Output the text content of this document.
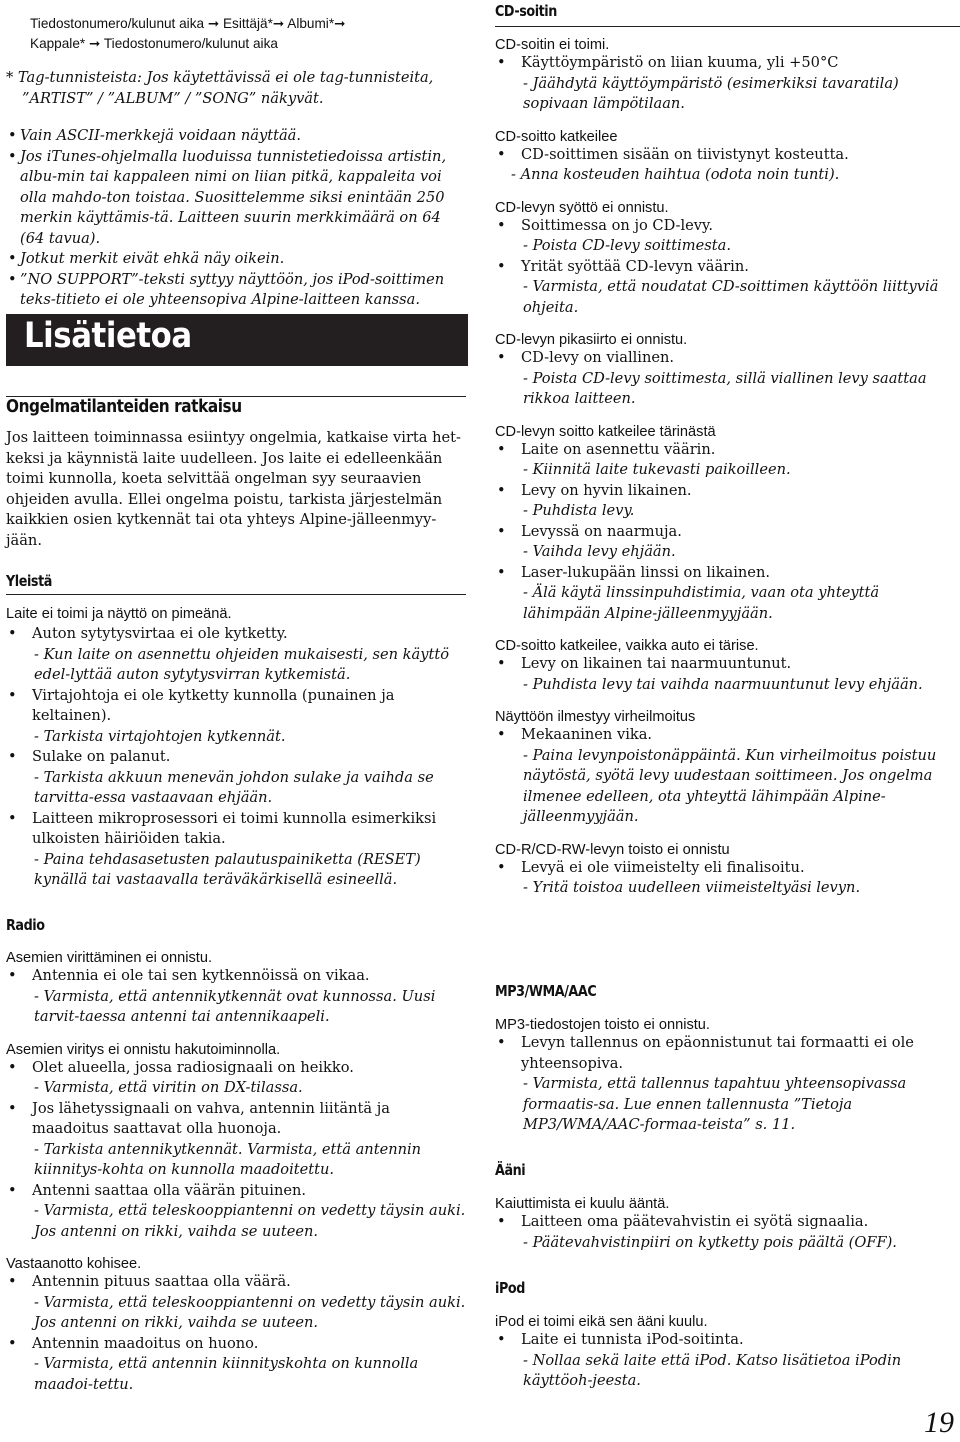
Tiedostonumero/kulunut aika ➞ Esittäjä*➞ Albumi*➞
Kappale* ➞ Tiedostonumero/kulunut aika
* Tag-tunnisteista: Jos käytettävissä ei ole tag-tunnisteita,
”ARTIST” / ”ALBUM” / ”SONG” näkyvät.
• Vain ASCII-merkkejä voidaan näyttää.
• Jos iTunes-ohjelmalla luoduissa tunnistetiedoissa artistin, albu-min tai kappaleen nimi on liian pitkä, kappaleita voi olla mahdo-ton toistaa. Suosittelemme siksi enintään 250 merkin käyttämis-tä. Laitteen suurin merkkimäärä on 64 (64 tavua).
• Jotkut merkit eivät ehkä näy oikein.
• ”NO SUPPORT”-teksti syttyy näyttöön, jos iPod-soittimen teks-titieto ei ole yhteensopiva Alpine-laitteen kanssa.
Lisätietoa
Ongelmatilanteiden ratkaisu
Jos laitteen toiminnassa esiintyy ongelmia, katkaise virta het-keksi ja käynnistä laite uudelleen. Jos laite ei edelleenkään toimi kunnolla, koeta selvittää ongelman syy seuraavien ohjeiden avulla. Ellei ongelma poistu, tarkista järjestelmän kaikkien osien kytkennät tai ota yhteys Alpine-jälleenmyy-jään.
Yleistä
Laite ei toimi ja näyttö on pimeänä.
• Auton sytytysvirtaa ei ole kytketty.
- Kun laite on asennettu ohjeiden mukaisesti, sen käyttö edel-lyttää auton sytytysvirran kytkemistä.
• Virtajohtoja ei ole kytketty kunnolla (punainen ja keltainen).
- Tarkista virtajohtojen kytkennät.
• Sulake on palanut.
- Tarkista akkuun menevän johdon sulake ja vaihda se tarvitta-essa vastaavaan ehjään.
• Laitteen mikroprosessori ei toimi kunnolla esimerkiksi ulkoisten häiriöiden takia.
- Paina tehdasasetusten palautuspainiketta (RESET) kynällä tai vastaavalla teräväkärkisellä esineellä.
Radio
Asemien virittäminen ei onnistu.
• Antennia ei ole tai sen kytkennöissä on vikaa.
- Varmista, että antennikytkennät ovat kunnossa. Uusi tarvit-taessa antenni tai antennikaapeli.
Asemien viritys ei onnistu hakutoiminnolla.
• Olet alueella, jossa radiosignaali on heikko.
- Varmista, että viritin on DX-tilassa.
• Jos lähetyssignaali on vahva, antennin liitäntä ja maadoitus saattavat olla huonoja.
- Tarkista antennikytkennät. Varmista, että antennin kiinnitys-kohta on kunnolla maadoitettu.
• Antenni saattaa olla väärän pituinen.
- Varmista, että teleskooppiantenni on vedetty täysin auki. Jos antenni on rikki, vaihda se uuteen.
Vastaanotto kohisee.
• Antennin pituus saattaa olla väärä.
- Varmista, että teleskooppiantenni on vedetty täysin auki. Jos antenni on rikki, vaihda se uuteen.
• Antennin maadoitus on huono.
- Varmista, että antennin kiinnityskohta on kunnolla maadoi-tettu.
CD-soitin
CD-soitin ei toimi.
• Käyttöympäristö on liian kuuma, yli +50°C
- Jäähdytä käyttöympäristö (esimerkiksi tavaratila) sopivaan lämpötilaan.
CD-soitto katkeilee
• CD-soittimen sisään on tiivistynyt kosteutta.
- Anna kosteuden haihtua (odota noin tunti).
CD-levyn syöttö ei onnistu.
• Soittimessa on jo CD-levy.
- Poista CD-levy soittimesta.
• Yrität syöttää CD-levyn väärin.
- Varmista, että noudatat CD-soittimen käyttöön liittyviä ohjeita.
CD-levyn pikasiirto ei onnistu.
• CD-levy on viallinen.
- Poista CD-levy soittimesta, sillä viallinen levy saattaa rikkoa laitteen.
CD-levyn soitto katkeilee tärinästä
• Laite on asennettu väärin.
- Kiinnitä laite tukevasti paikoilleen.
• Levy on hyvin likainen.
- Puhdista levy.
• Levyssä on naarmuja.
- Vaihda levy ehjään.
• Laser-lukupään linssi on likainen.
- Älä käytä linssinpuhdistimia, vaan ota yhteyttä lähimpään Alpine-jälleenmyyjään.
CD-soitto katkeilee, vaikka auto ei tärise.
• Levy on likainen tai naarmuuntunut.
- Puhdista levy tai vaihda naarmuuntunut levy ehjään.
Näyttöön ilmestyy virheilmoitus
• Mekaaninen vika.
- Paina levynpoistonäppäintä. Kun virheilmoitus poistuu näytöstä, syötä levy uudestaan soittimeen. Jos ongelma ilmenee edelleen, ota yhteyttä lähimpään Alpine-jälleenmyyjään.
CD-R/CD-RW-levyn toisto ei onnistu
• Levyä ei ole viimeistelty eli finalisoitu.
- Yritä toistoa uudelleen viimeisteltyäsi levyn.
MP3/WMA/AAC
MP3-tiedostojen toisto ei onnistu.
• Levyn tallennus on epäonnistunut tai formaatti ei ole yhteensopiva.
- Varmista, että tallennus tapahtuu yhteensopivassa formaatis-sa. Lue ennen tallennusta ”Tietoja MP3/WMA/AAC-formaa-teista” s. 11.
Ääni
Kaiuttimista ei kuulu ääntä.
• Laitteen oma päätevahvistin ei syötä signaalia.
- Päätevahvistinpiiri on kytketty pois päältä (OFF).
iPod
iPod ei toimi eikä sen ääni kuulu.
• Laite ei tunnista iPod-soitinta.
- Nollaa sekä laite että iPod. Katso lisätietoa iPodin käyttöoh-jeesta.
19
